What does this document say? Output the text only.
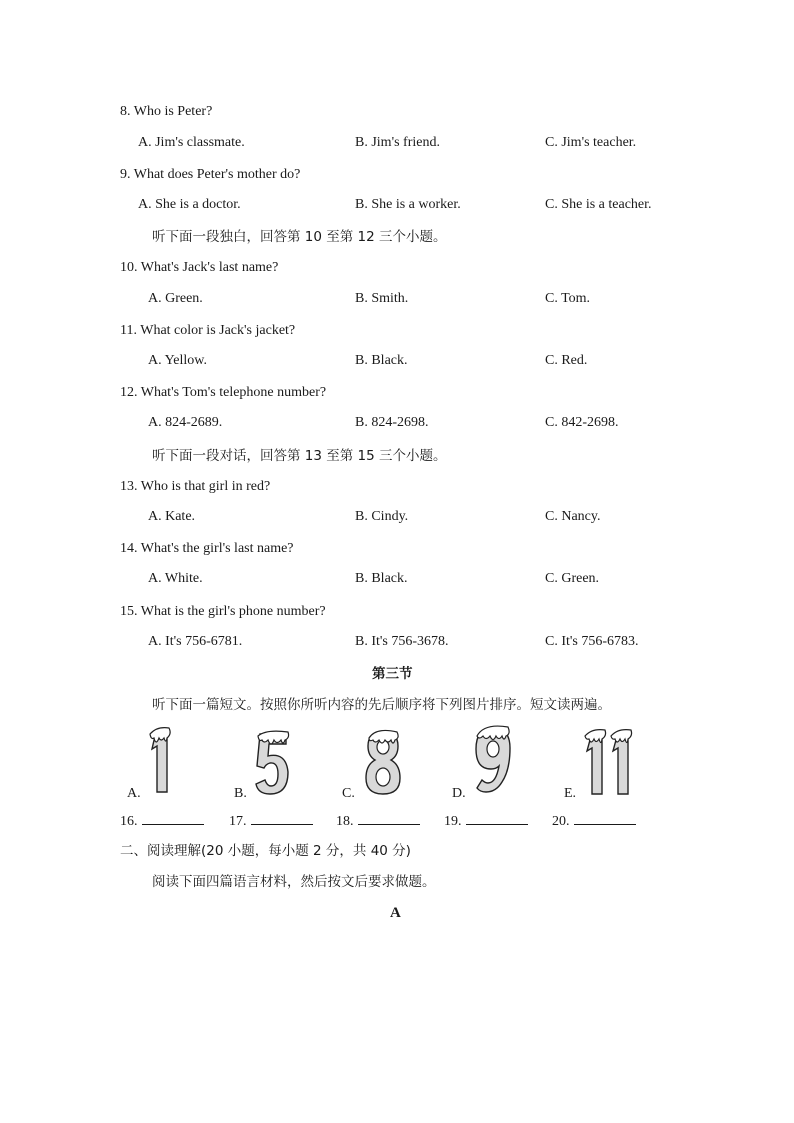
8. Who is Peter?
A. Jim's classmate.	B. Jim's friend.	C. Jim's teacher.
9. What does Peter's mother do?
A. She is a doctor.	B. She is a worker.	C. She is a teacher.
听下面一段独白，回答第 10 至第 12 三个小题。
10. What's Jack's last name?
A. Green.	B. Smith.	C. Tom.
11. What color is Jack's jacket?
A. Yellow.	B. Black.	C. Red.
12. What's Tom's telephone number?
A. 824-2689.	B. 824-2698.	C. 842-2698.
听下面一段对话，回答第 13 至第 15 三个小题。
13. Who is that girl in red?
A. Kate.	B. Cindy.	C. Nancy.
14. What's the girl's last name?
A. White.	B. Black.	C. Green.
15. What is the girl's phone number?
A. It's 756-6781.	B. It's 756-3678.	C. It's 756-6783.
第三节
听下面一篇短文。按照你所听内容的先后顺序将下列图片排序。短文读两遍。
A.	B.	C.	D.	E.
16.	17.	18.	19.	20.
二、阅读理解(20 小题，每小题 2 分，共 40 分)
阅读下面四篇语言材料，然后按文后要求做题。
A
